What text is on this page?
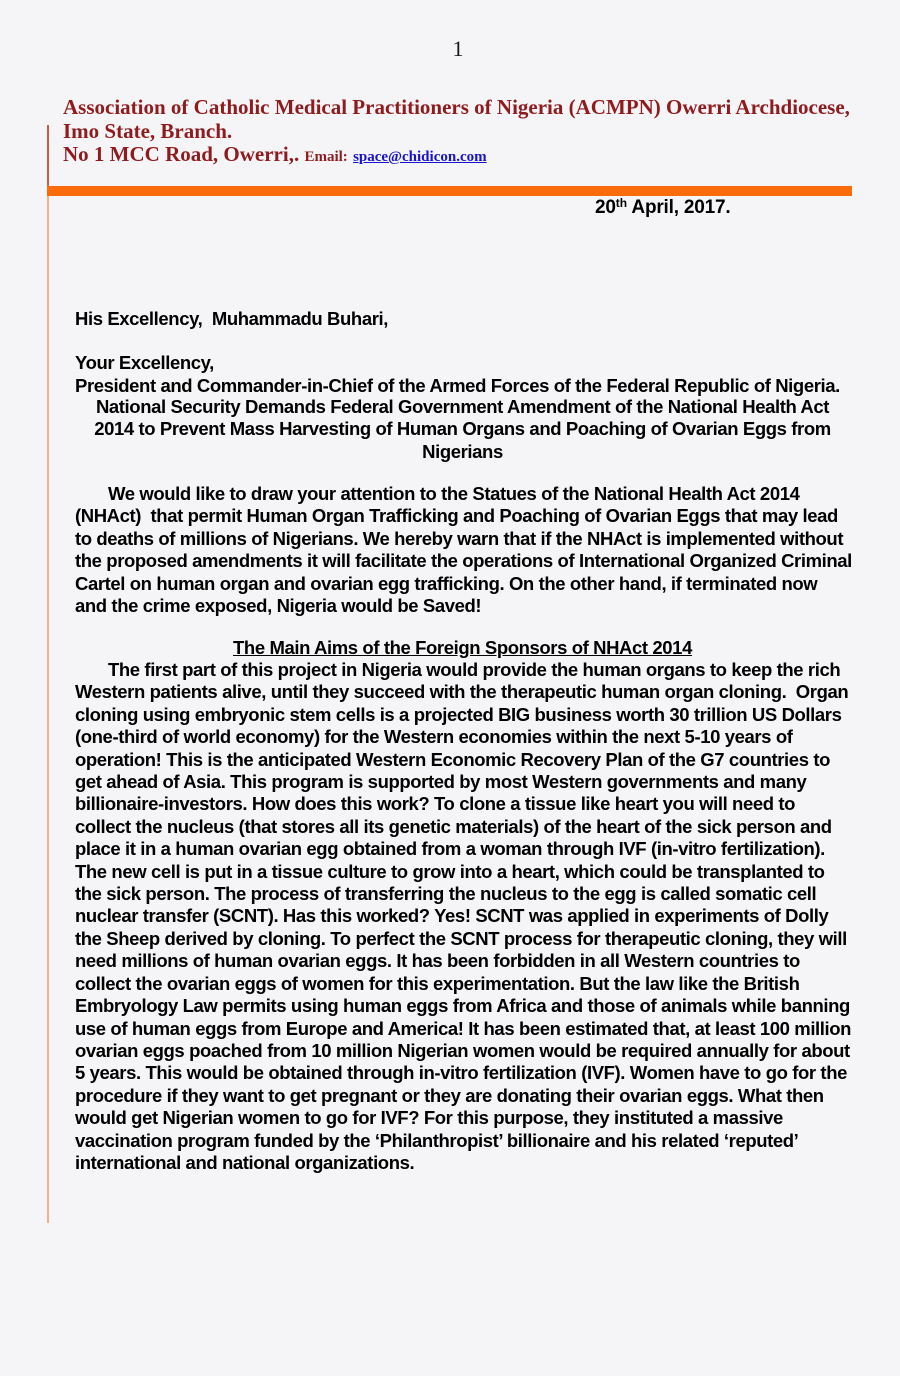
1
Association of Catholic Medical Practitioners of Nigeria (ACMPN) Owerri Archdiocese,
Imo State, Branch.
No 1 MCC Road, Owerri,. Email: space@chidicon.com
20th April, 2017.

His Excellency,  Muhammadu Buhari,

President and Commander-in-Chief of the Armed Forces of the Federal Republic of Nigeria.

Your Excellency,
National Security Demands Federal Government Amendment of the National Health Act 2014 to Prevent Mass Harvesting of Human Organs and Poaching of Ovarian Eggs from Nigerians
We would like to draw your attention to the Statues of the National Health Act 2014 (NHAct)  that permit Human Organ Trafficking and Poaching of Ovarian Eggs that may lead to deaths of millions of Nigerians. We hereby warn that if the NHAct is implemented without the proposed amendments it will facilitate the operations of International Organized Criminal Cartel on human organ and ovarian egg trafficking. On the other hand, if terminated now and the crime exposed, Nigeria would be Saved!
The Main Aims of the Foreign Sponsors of NHAct 2014
The first part of this project in Nigeria would provide the human organs to keep the rich Western patients alive, until they succeed with the therapeutic human organ cloning.  Organ cloning using embryonic stem cells is a projected BIG business worth 30 trillion US Dollars (one-third of world economy) for the Western economies within the next 5-10 years of operation! This is the anticipated Western Economic Recovery Plan of the G7 countries to get ahead of Asia. This program is supported by most Western governments and many billionaire-investors. How does this work? To clone a tissue like heart you will need to collect the nucleus (that stores all its genetic materials) of the heart of the sick person and place it in a human ovarian egg obtained from a woman through IVF (in-vitro fertilization). The new cell is put in a tissue culture to grow into a heart, which could be transplanted to the sick person. The process of transferring the nucleus to the egg is called somatic cell nuclear transfer (SCNT). Has this worked? Yes! SCNT was applied in experiments of Dolly the Sheep derived by cloning. To perfect the SCNT process for therapeutic cloning, they will need millions of human ovarian eggs. It has been forbidden in all Western countries to collect the ovarian eggs of women for this experimentation. But the law like the British Embryology Law permits using human eggs from Africa and those of animals while banning use of human eggs from Europe and America! It has been estimated that, at least 100 million ovarian eggs poached from 10 million Nigerian women would be required annually for about 5 years. This would be obtained through in-vitro fertilization (IVF). Women have to go for the procedure if they want to get pregnant or they are donating their ovarian eggs. What then would get Nigerian women to go for IVF? For this purpose, they instituted a massive vaccination program funded by the ‘Philanthropist’ billionaire and his related ‘reputed’ international and national organizations.
